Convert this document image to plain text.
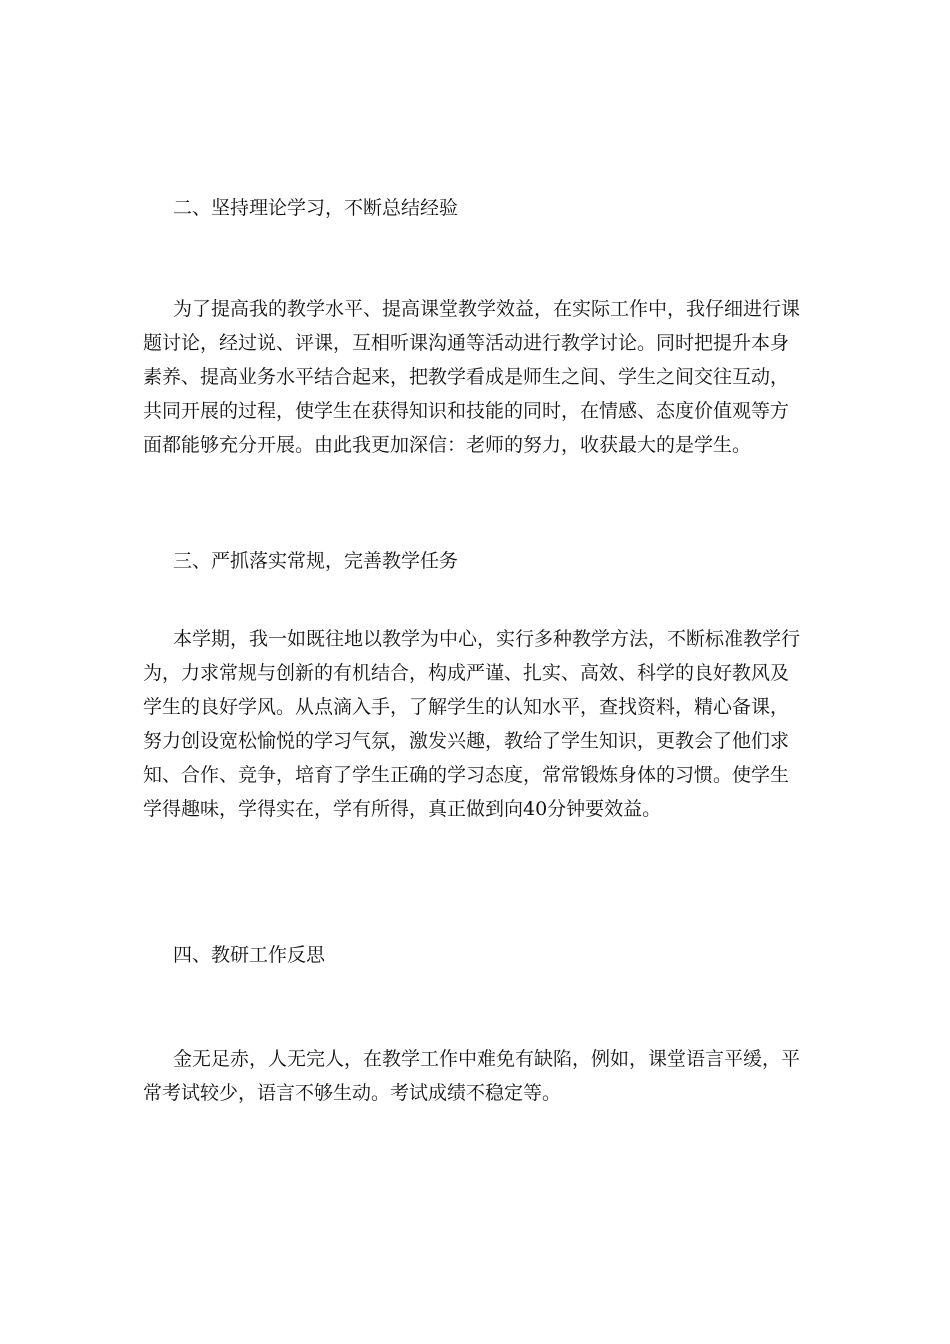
二、坚持理论学习，不断总结经验
为了提高我的教学水平、提高课堂教学效益，在实际工作中，我仔细进行课
题讨论，经过说、评课，互相听课沟通等活动进行教学讨论。同时把提升本身
素养、提高业务水平结合起来，把教学看成是师生之间、学生之间交往互动，
共同开展的过程，使学生在获得知识和技能的同时，在情感、态度价值观等方
面都能够充分开展。由此我更加深信：老师的努力，收获最大的是学生。
三、严抓落实常规，完善教学任务
本学期，我一如既往地以教学为中心，实行多种教学方法，不断标准教学行
为，力求常规与创新的有机结合，构成严谨、扎实、高效、科学的良好教风及
学生的良好学风。从点滴入手，了解学生的认知水平，查找资料，精心备课，
努力创设宽松愉悦的学习气氛，激发兴趣，教给了学生知识，更教会了他们求
知、合作、竞争，培育了学生正确的学习态度，常常锻炼身体的习惯。使学生
学得趣味，学得实在，学有所得，真正做到向40分钟要效益。
四、教研工作反思
金无足赤，人无完人，在教学工作中难免有缺陷，例如，课堂语言平缓，平
常考试较少，语言不够生动。考试成绩不稳定等。
